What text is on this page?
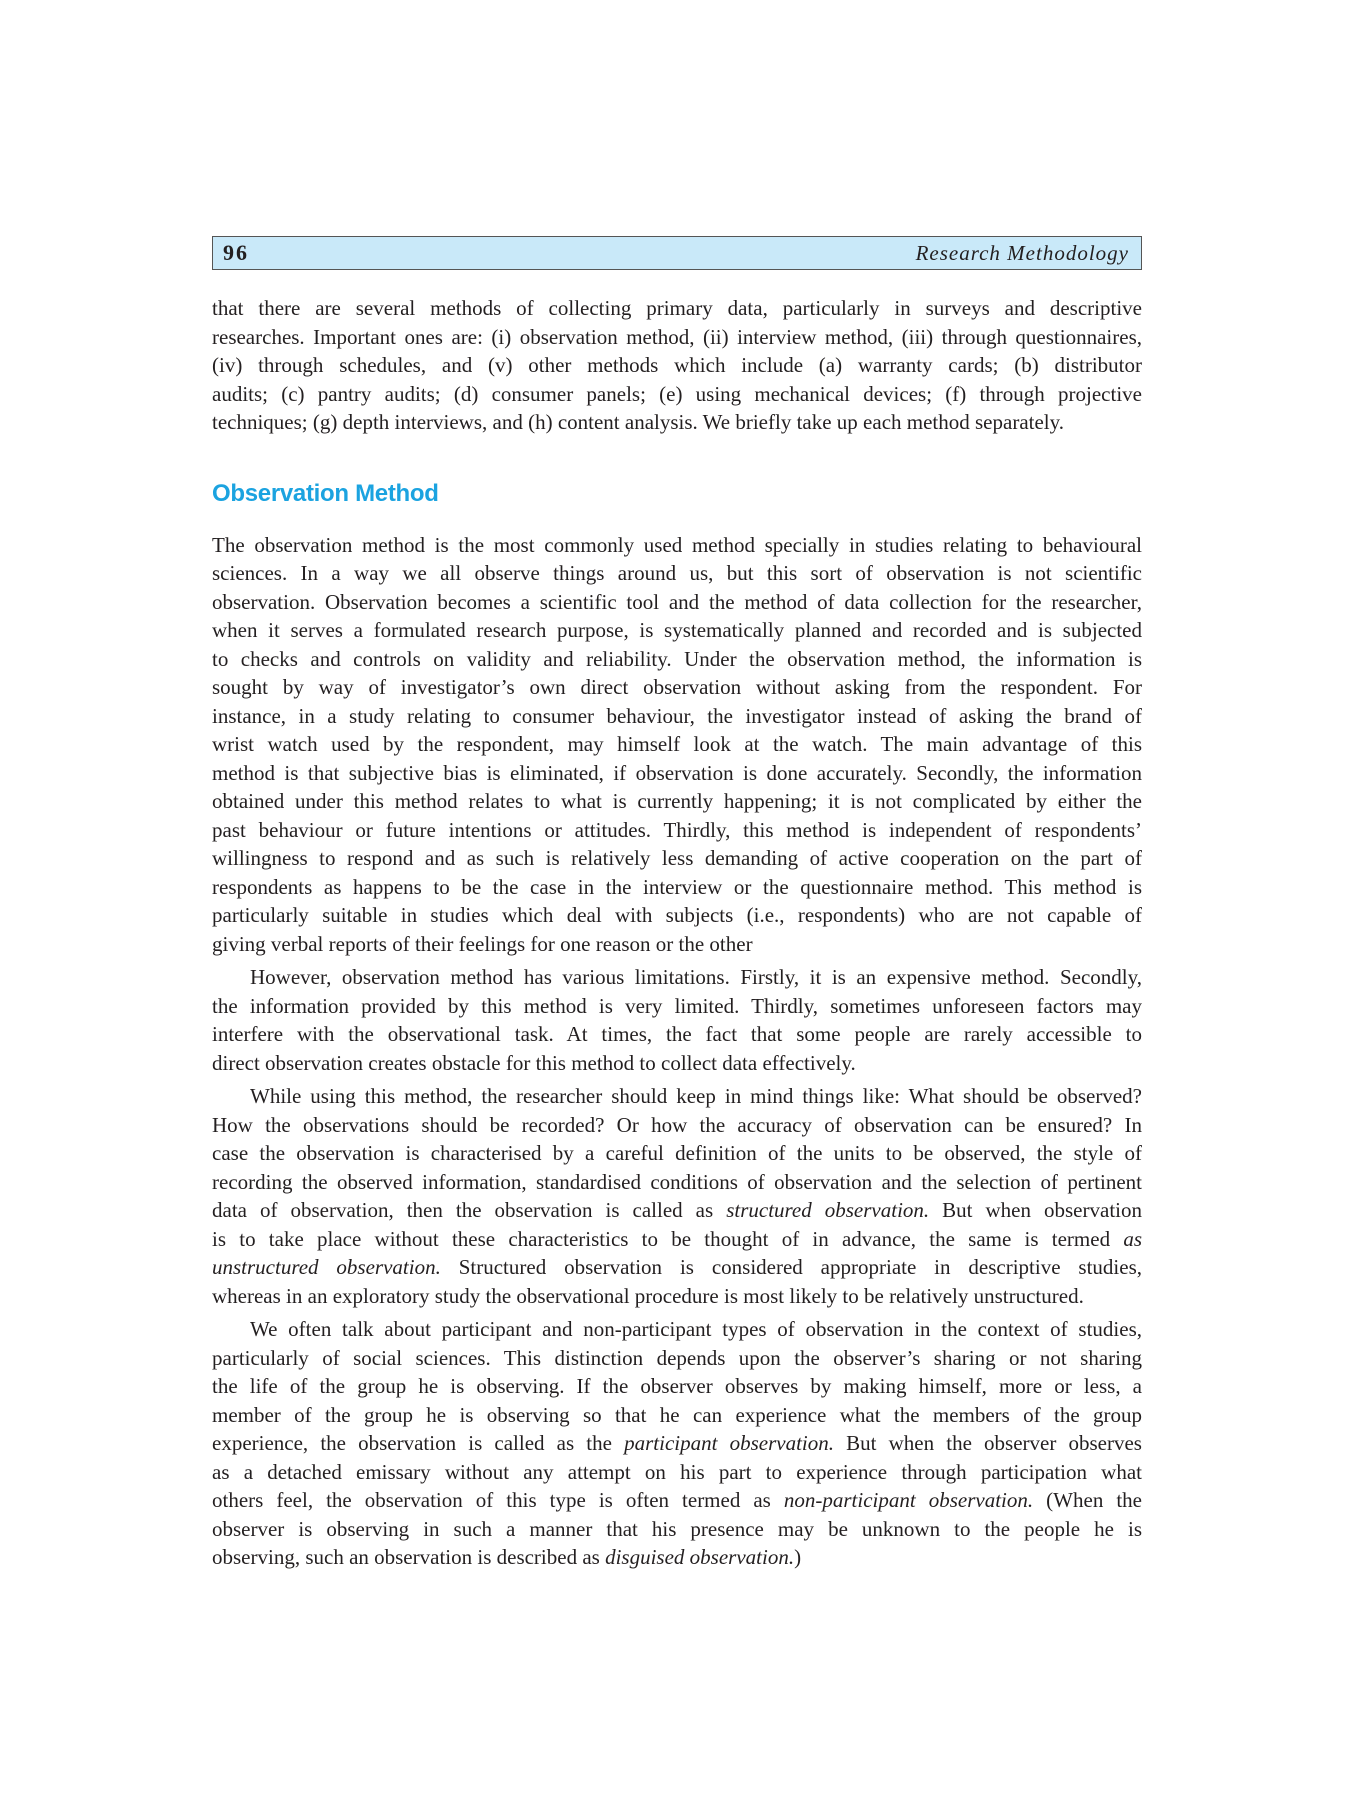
96	Research Methodology
that there are several methods of collecting primary data, particularly in surveys and descriptive
researches. Important ones are: (i) observation method, (ii) interview method, (iii) through questionnaires,
(iv) through schedules, and (v) other methods which include (a) warranty cards; (b) distributor
audits; (c) pantry audits; (d) consumer panels; (e) using mechanical devices; (f) through projective
techniques; (g) depth interviews, and (h) content analysis. We briefly take up each method separately.
Observation Method
The observation method is the most commonly used method specially in studies relating to behavioural
sciences. In a way we all observe things around us, but this sort of observation is not scientific
observation. Observation becomes a scientific tool and the method of data collection for the researcher,
when it serves a formulated research purpose, is systematically planned and recorded and is subjected
to checks and controls on validity and reliability. Under the observation method, the information is
sought by way of investigator’s own direct observation without asking from the respondent. For
instance, in a study relating to consumer behaviour, the investigator instead of asking the brand of
wrist watch used by the respondent, may himself look at the watch. The main advantage of this
method is that subjective bias is eliminated, if observation is done accurately. Secondly, the information
obtained under this method relates to what is currently happening; it is not complicated by either the
past behaviour or future intentions or attitudes. Thirdly, this method is independent of respondents’
willingness to respond and as such is relatively less demanding of active cooperation on the part of
respondents as happens to be the case in the interview or the questionnaire method. This method is
particularly suitable in studies which deal with subjects (i.e., respondents) who are not capable of
giving verbal reports of their feelings for one reason or the other
However, observation method has various limitations. Firstly, it is an expensive method. Secondly,
the information provided by this method is very limited. Thirdly, sometimes unforeseen factors may
interfere with the observational task. At times, the fact that some people are rarely accessible to
direct observation creates obstacle for this method to collect data effectively.
While using this method, the researcher should keep in mind things like: What should be observed?
How the observations should be recorded? Or how the accuracy of observation can be ensured? In
case the observation is characterised by a careful definition of the units to be observed, the style of
recording the observed information, standardised conditions of observation and the selection of pertinent
data of observation, then the observation is called as structured observation. But when observation
is to take place without these characteristics to be thought of in advance, the same is termed as
unstructured observation. Structured observation is considered appropriate in descriptive studies,
whereas in an exploratory study the observational procedure is most likely to be relatively unstructured.
We often talk about participant and non-participant types of observation in the context of studies,
particularly of social sciences. This distinction depends upon the observer’s sharing or not sharing
the life of the group he is observing. If the observer observes by making himself, more or less, a
member of the group he is observing so that he can experience what the members of the group
experience, the observation is called as the participant observation. But when the observer observes
as a detached emissary without any attempt on his part to experience through participation what
others feel, the observation of this type is often termed as non-participant observation. (When the
observer is observing in such a manner that his presence may be unknown to the people he is
observing, such an observation is described as disguised observation.)
